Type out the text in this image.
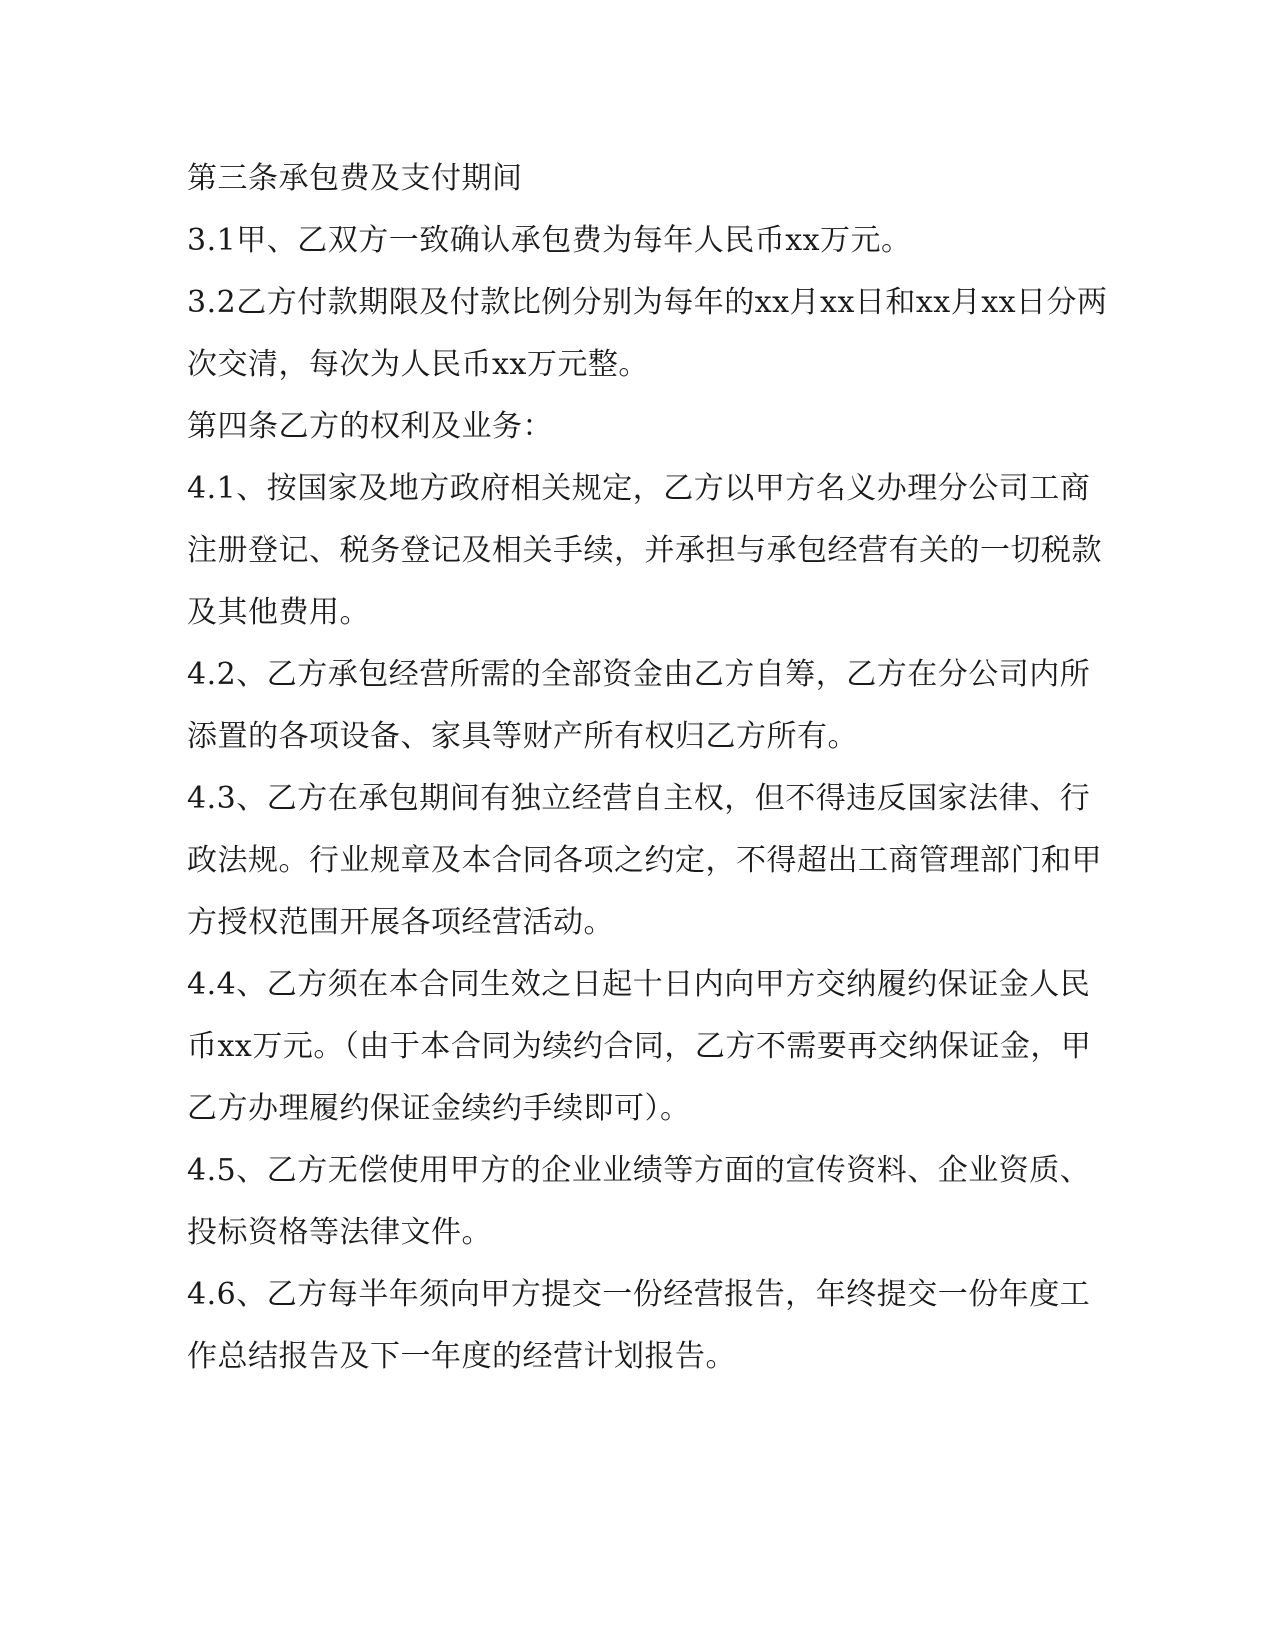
第三条承包费及支付期间

3.1甲、乙双方一致确认承包费为每年人民币xx万元。

3.2乙方付款期限及付款比例分别为每年的xx月xx日和xx月xx日分两

次交清，每次为人民币xx万元整。

第四条乙方的权利及业务：

4.1、按国家及地方政府相关规定，乙方以甲方名义办理分公司工商

注册登记、税务登记及相关手续，并承担与承包经营有关的一切税款

及其他费用。

4.2、乙方承包经营所需的全部资金由乙方自筹，乙方在分公司内所

添置的各项设备、家具等财产所有权归乙方所有。

4.3、乙方在承包期间有独立经营自主权，但不得违反国家法律、行

政法规。行业规章及本合同各项之约定，不得超出工商管理部门和甲

方授权范围开展各项经营活动。

4.4、乙方须在本合同生效之日起十日内向甲方交纳履约保证金人民

币xx万元。（由于本合同为续约合同，乙方不需要再交纳保证金，甲

乙方办理履约保证金续约手续即可）。

4.5、乙方无偿使用甲方的企业业绩等方面的宣传资料、企业资质、

投标资格等法律文件。

4.6、乙方每半年须向甲方提交一份经营报告，年终提交一份年度工

作总结报告及下一年度的经营计划报告。
